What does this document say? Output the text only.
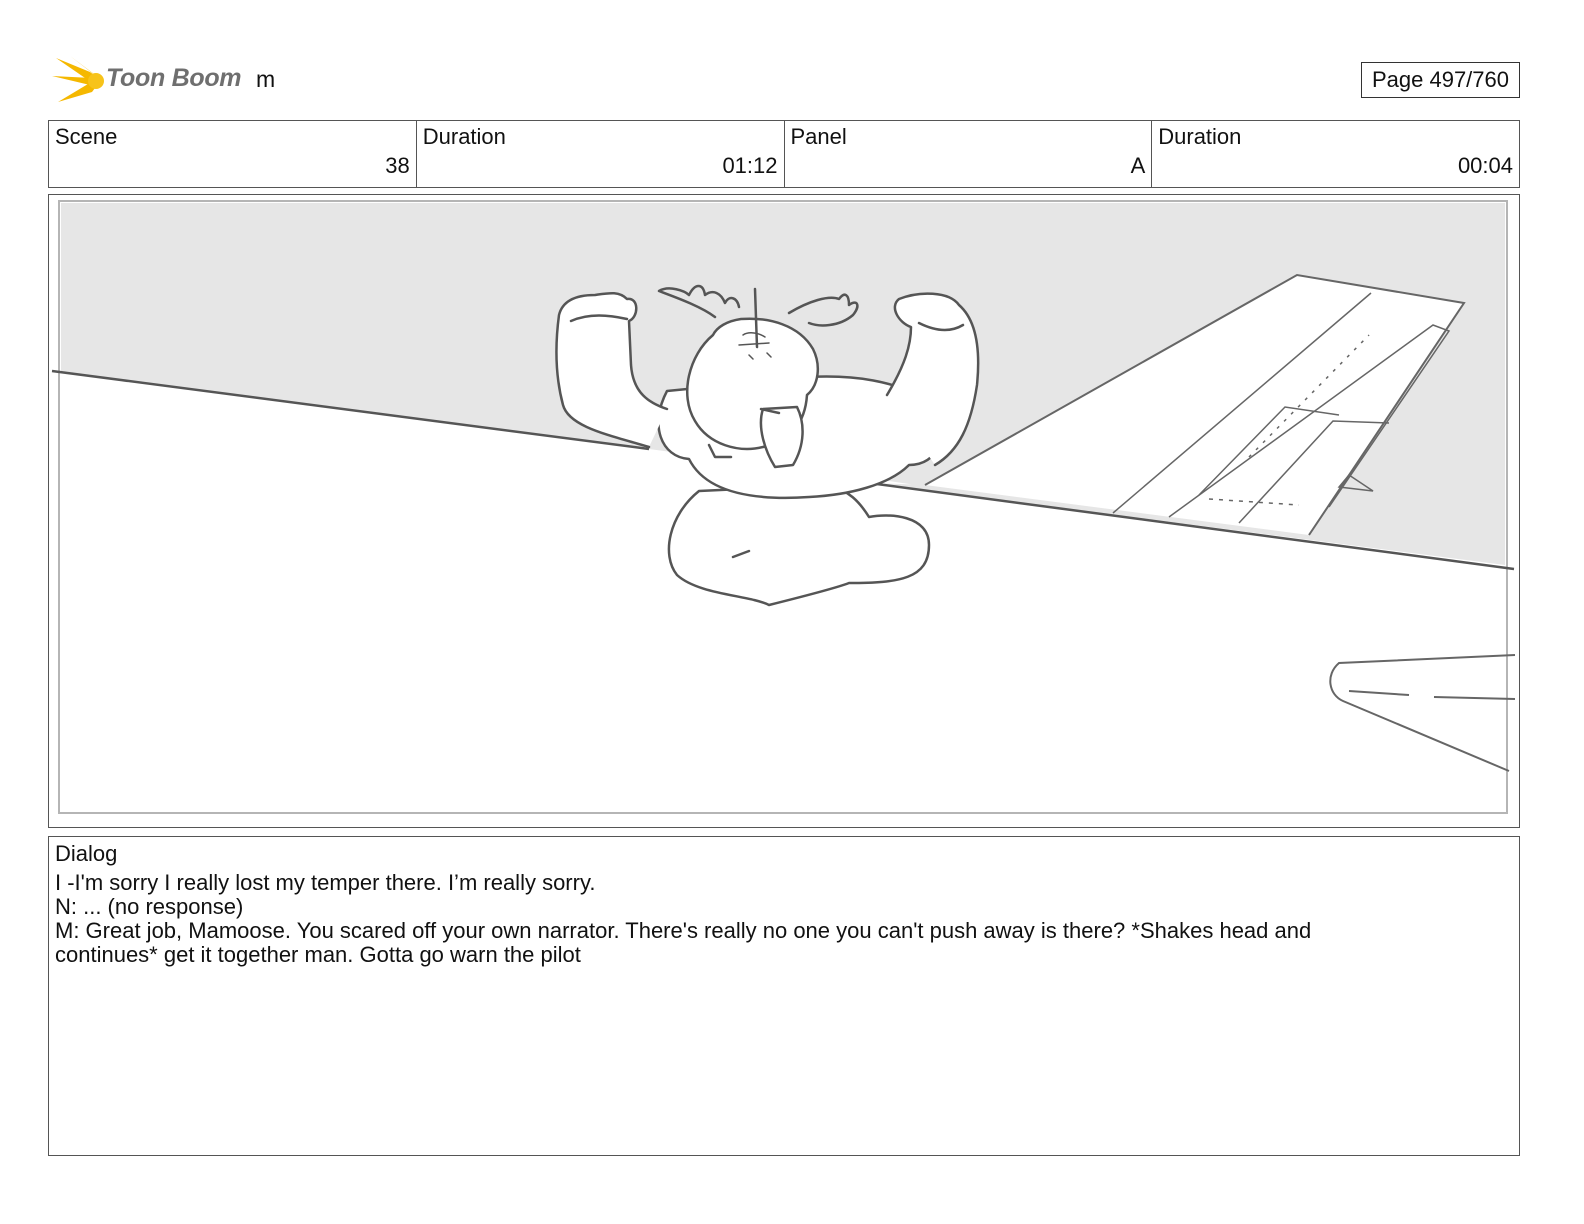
Toon Boom m	Page 497/760
Scene
38
Duration
01:12
Panel
A
Duration
00:04
Dialog
I -I'm sorry I really lost my temper there. I’m really sorry.
N: ... (no response)
M: Great job, Mamoose. You scared off your own narrator. There's really no one you can't push away is there? *Shakes head and continues* get it together man. Gotta go warn the pilot
